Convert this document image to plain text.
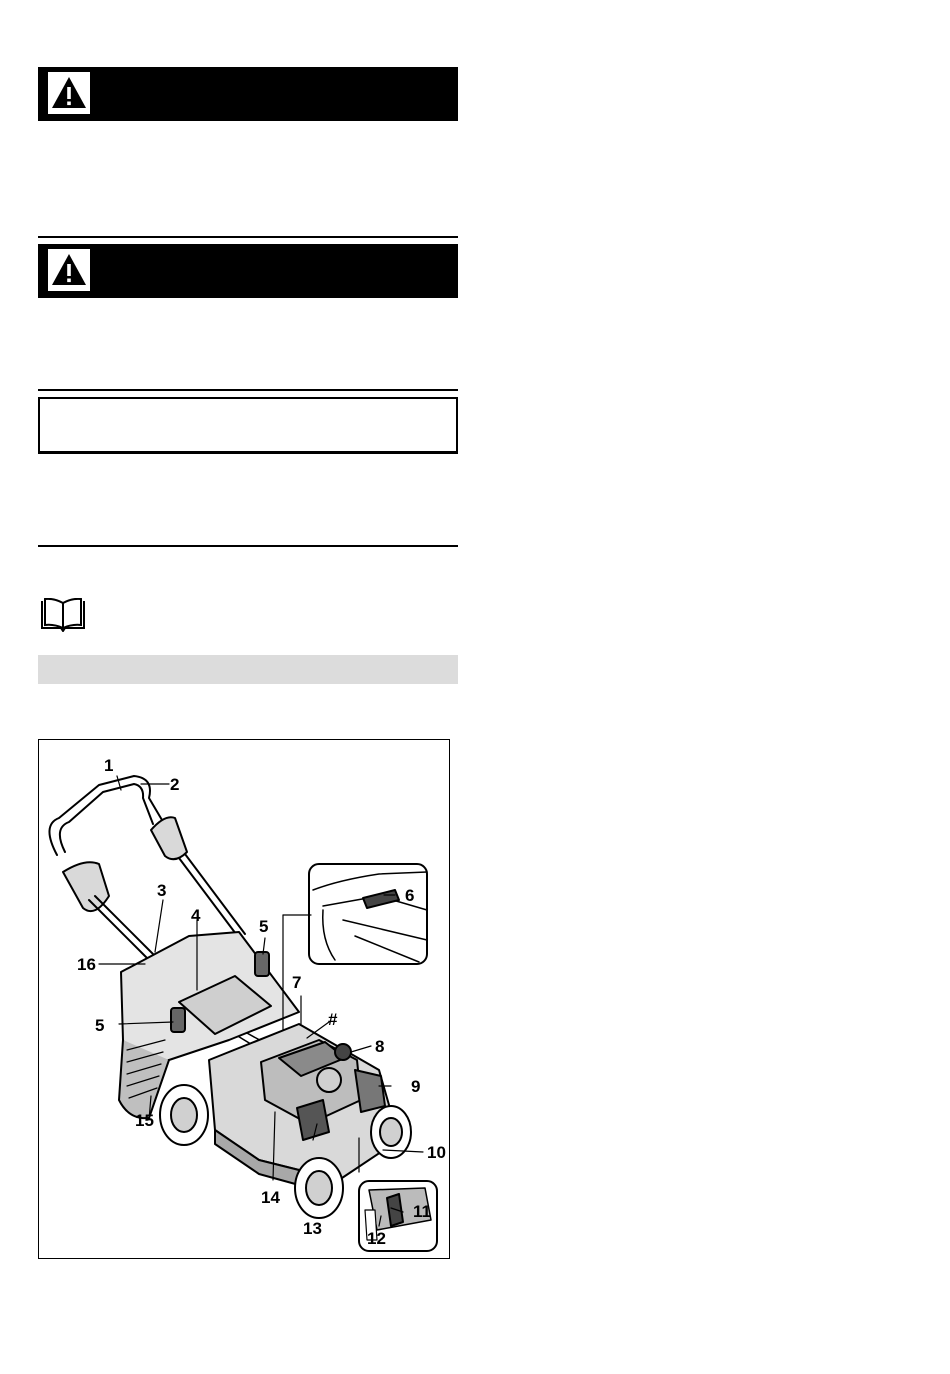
1
2
3
4
5
5
6
7
#
8
9
10
11
12
13
14
15
16
